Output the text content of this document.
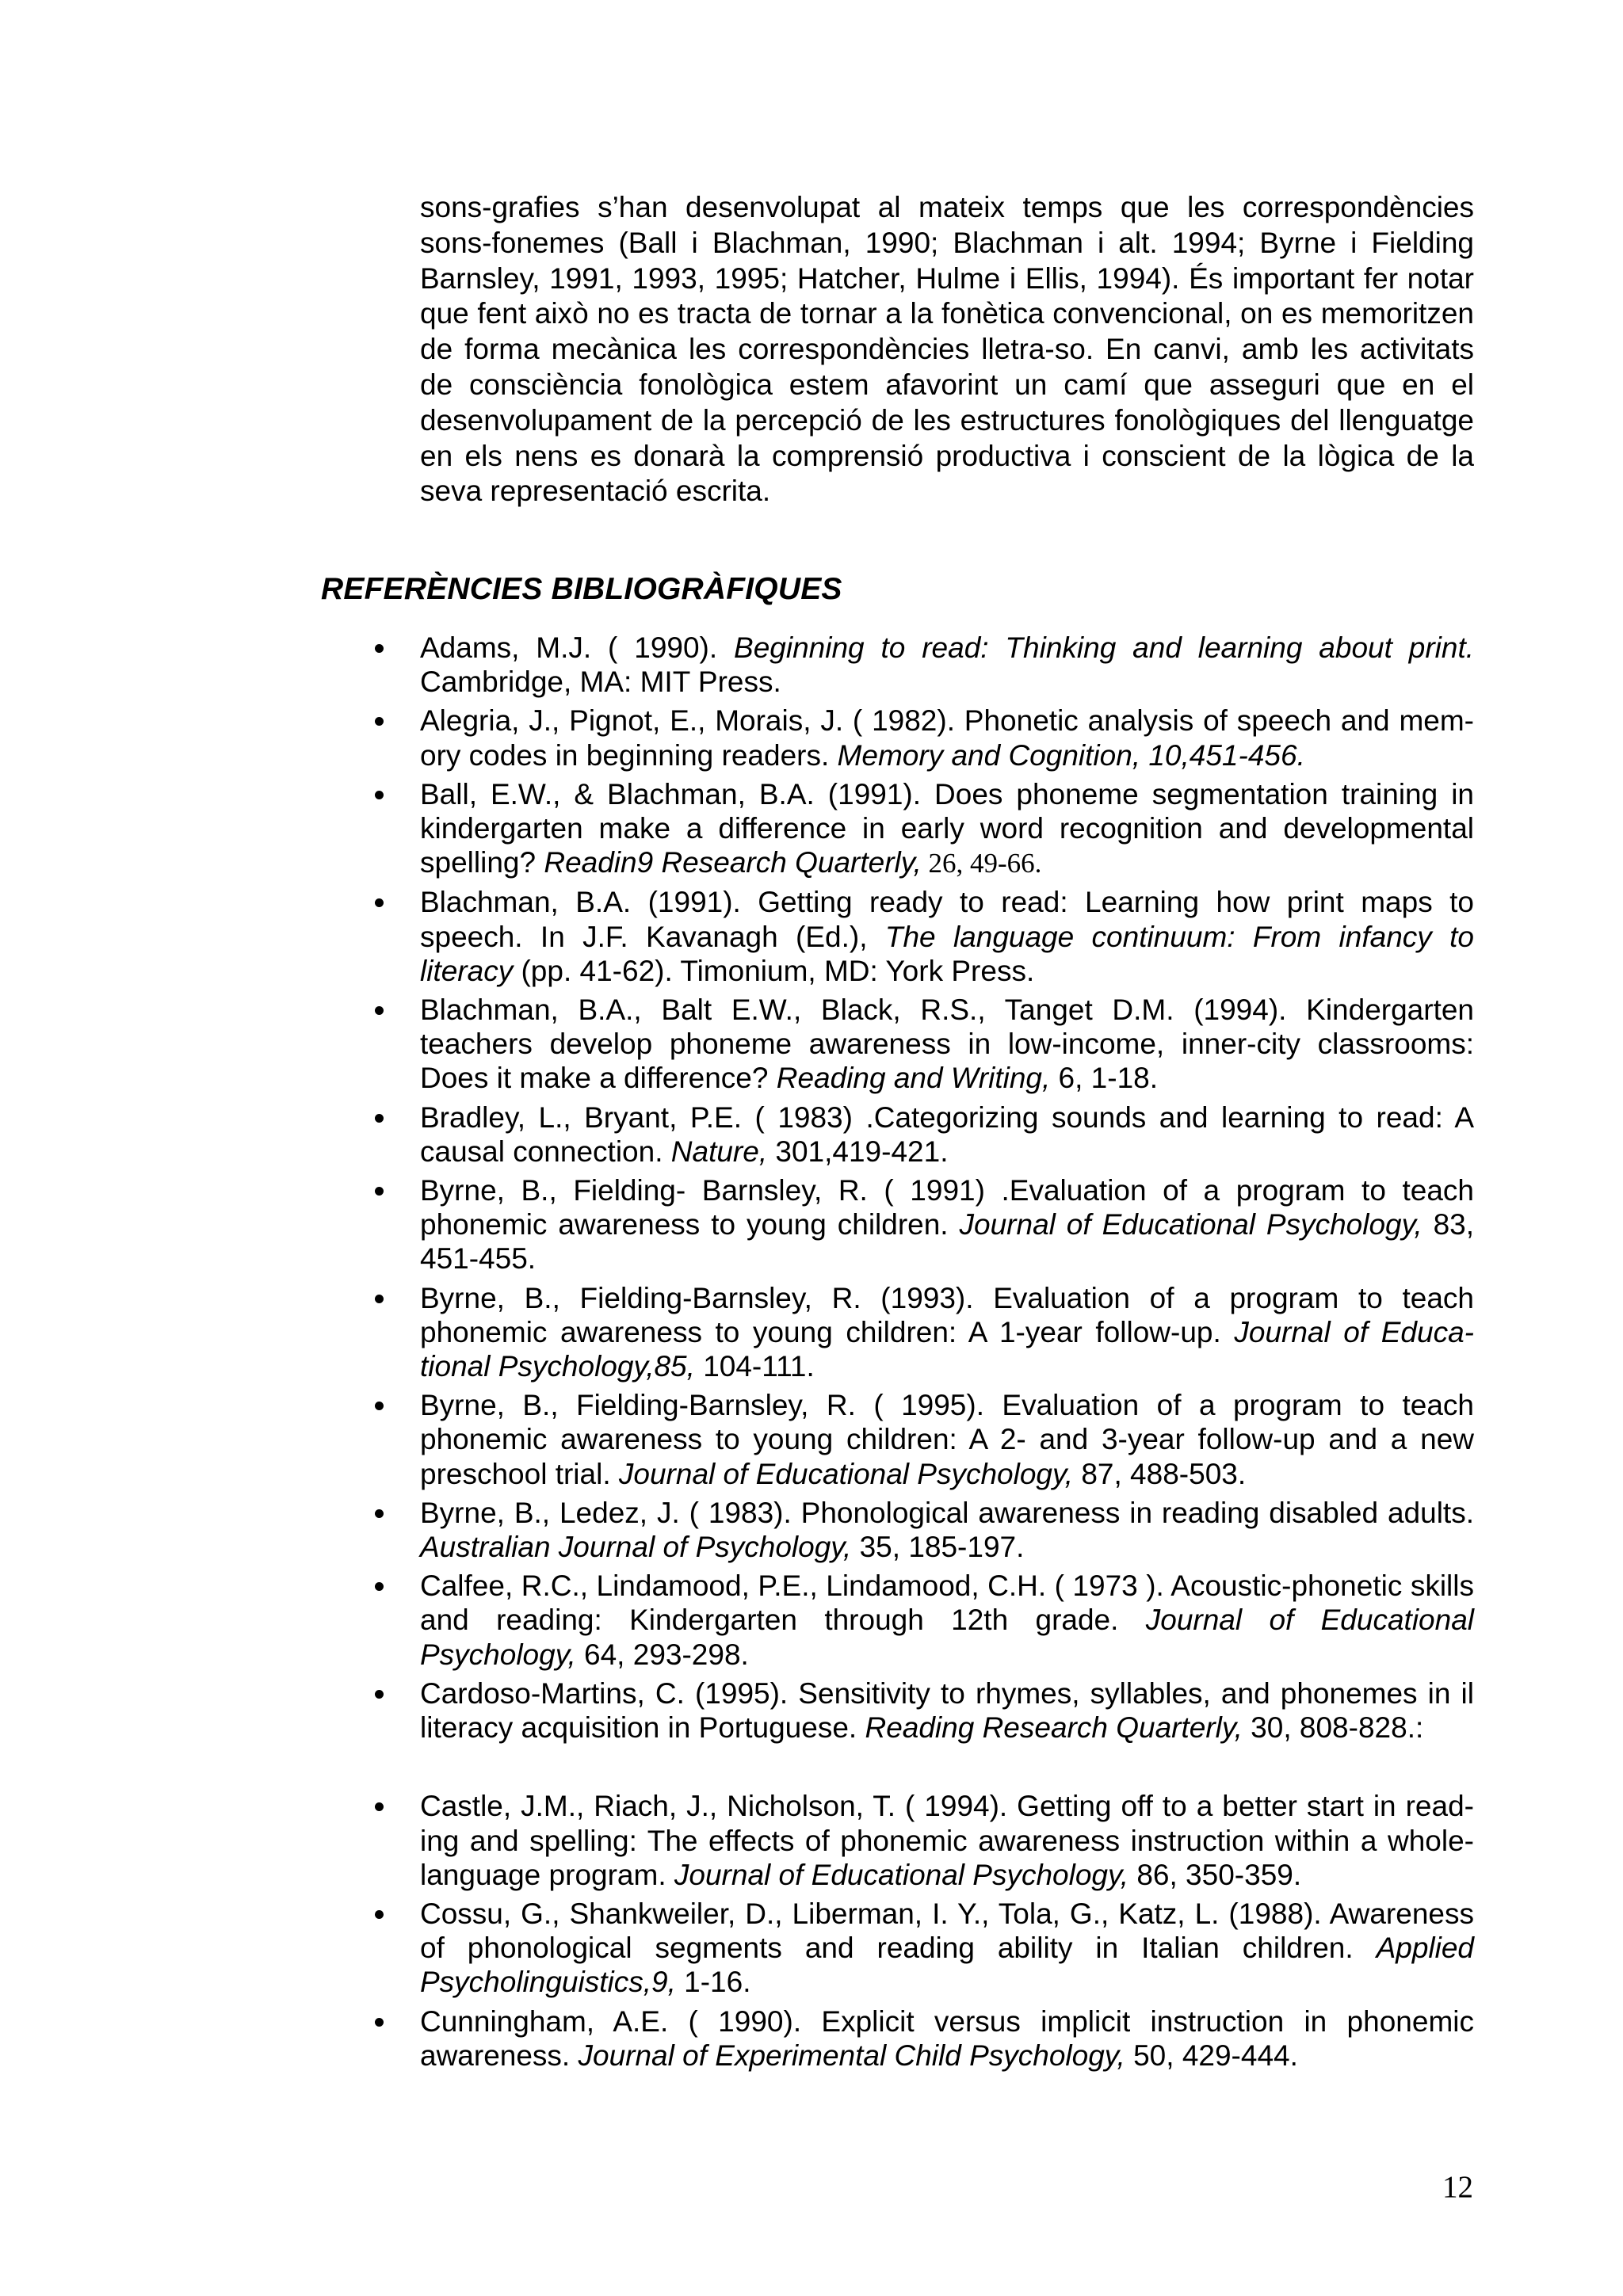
sons-grafies s’han desenvolupat al mateix temps que les correspondències sons-fonemes (Ball i Blachman, 1990; Blachman i alt. 1994; Byrne i Fielding Barnsley, 1991, 1993, 1995; Hatcher, Hulme i Ellis, 1994). És important fer notar que fent això no es tracta de tornar a la fonètica convencional, on es memoritzen de forma mecànica les correspondències lletra-so. En canvi, amb les activitats de consciència fonològica estem afavorint un camí que asseguri que en el desenvolupament de la percepció de les estructures fonològiques del llenguatge en els nens es donarà la comprensió productiva i conscient de la lògica de la seva representació escrita.

REFERÈNCIES BIBLIOGRÀFIQUES
Adams, M.J. ( 1990). Beginning to read: Thinking and learning about print. Cambridge, MA: MIT Press.
Alegria, J., Pignot, E., Morais, J. ( 1982). Phonetic analysis of speech and mem- ory codes in beginning readers. Memory and Cognition, 10,451-456.
Ball, E.W., & Blachman, B.A. (1991). Does phoneme segmentation training in kindergarten make a difference in early word recognition and developmental spelling? Readin9 Research Quarterly, 26, 49-66.
Blachman, B.A. (1991). Getting ready to read: Learning how print maps to speech. In J.F. Kavanagh (Ed.), The language continuum: From infancy to literacy (pp. 41-62). Timonium, MD: York Press.
Blachman, B.A., Balt E.W., Black, R.S., Tanget D.M. (1994). Kindergarten teachers develop phoneme awareness in low-income, inner-city classrooms: Does it make a difference? Reading and Writing, 6, 1-18.
Bradley, L., Bryant, P.E. ( 1983) .Categorizing sounds and learning to read: A causal connection. Nature, 301,419-421.
Byrne, B., Fielding- Barnsley, R. ( 1991) .Evaluation of a program to teach phonemic awareness to young children. Journal of Educational Psychology, 83, 451-455.
Byrne, B., Fielding-Barnsley, R. (1993). Evaluation of a program to teach phonemic awareness to young children: A 1-year follow-up. Journal of Educa-tional Psychology,85, 104-111.
Byrne, B., Fielding-Barnsley, R. ( 1995). Evaluation of a program to teach phonemic awareness to young children: A 2- and 3-year follow-up and a new preschool trial. Journal of Educational Psychology, 87, 488-503.
Byrne, B., Ledez, J. ( 1983). Phonological awareness in reading disabled adults. Australian Journal of Psychology, 35, 185-197.
Calfee, R.C., Lindamood, P.E., Lindamood, C.H. ( 1973 ). Acoustic-phonetic skills and reading: Kindergarten through 12th grade. Journal of Educational Psychology, 64, 293-298.
Cardoso-Martins, C. (1995). Sensitivity to rhymes, syllables, and phonemes in il literacy acquisition in Portuguese. Reading Research Quarterly, 30, 808-828.:
Castle, J.M., Riach, J., Nicholson, T. ( 1994). Getting off to a better start in read- ing and spelling: The effects of phonemic awareness instruction within a whole-language program. Journal of Educational Psychology, 86, 350-359.
Cossu, G., Shankweiler, D., Liberman, I. Y., Tola, G., Katz, L. (1988). Awareness of phonological segments and reading ability in Italian children. Applied Psycholinguistics,9, 1-16.
Cunningham, A.E. ( 1990). Explicit versus implicit instruction in phonemic awareness. Journal of Experimental Child Psychology, 50, 429-444.
12
